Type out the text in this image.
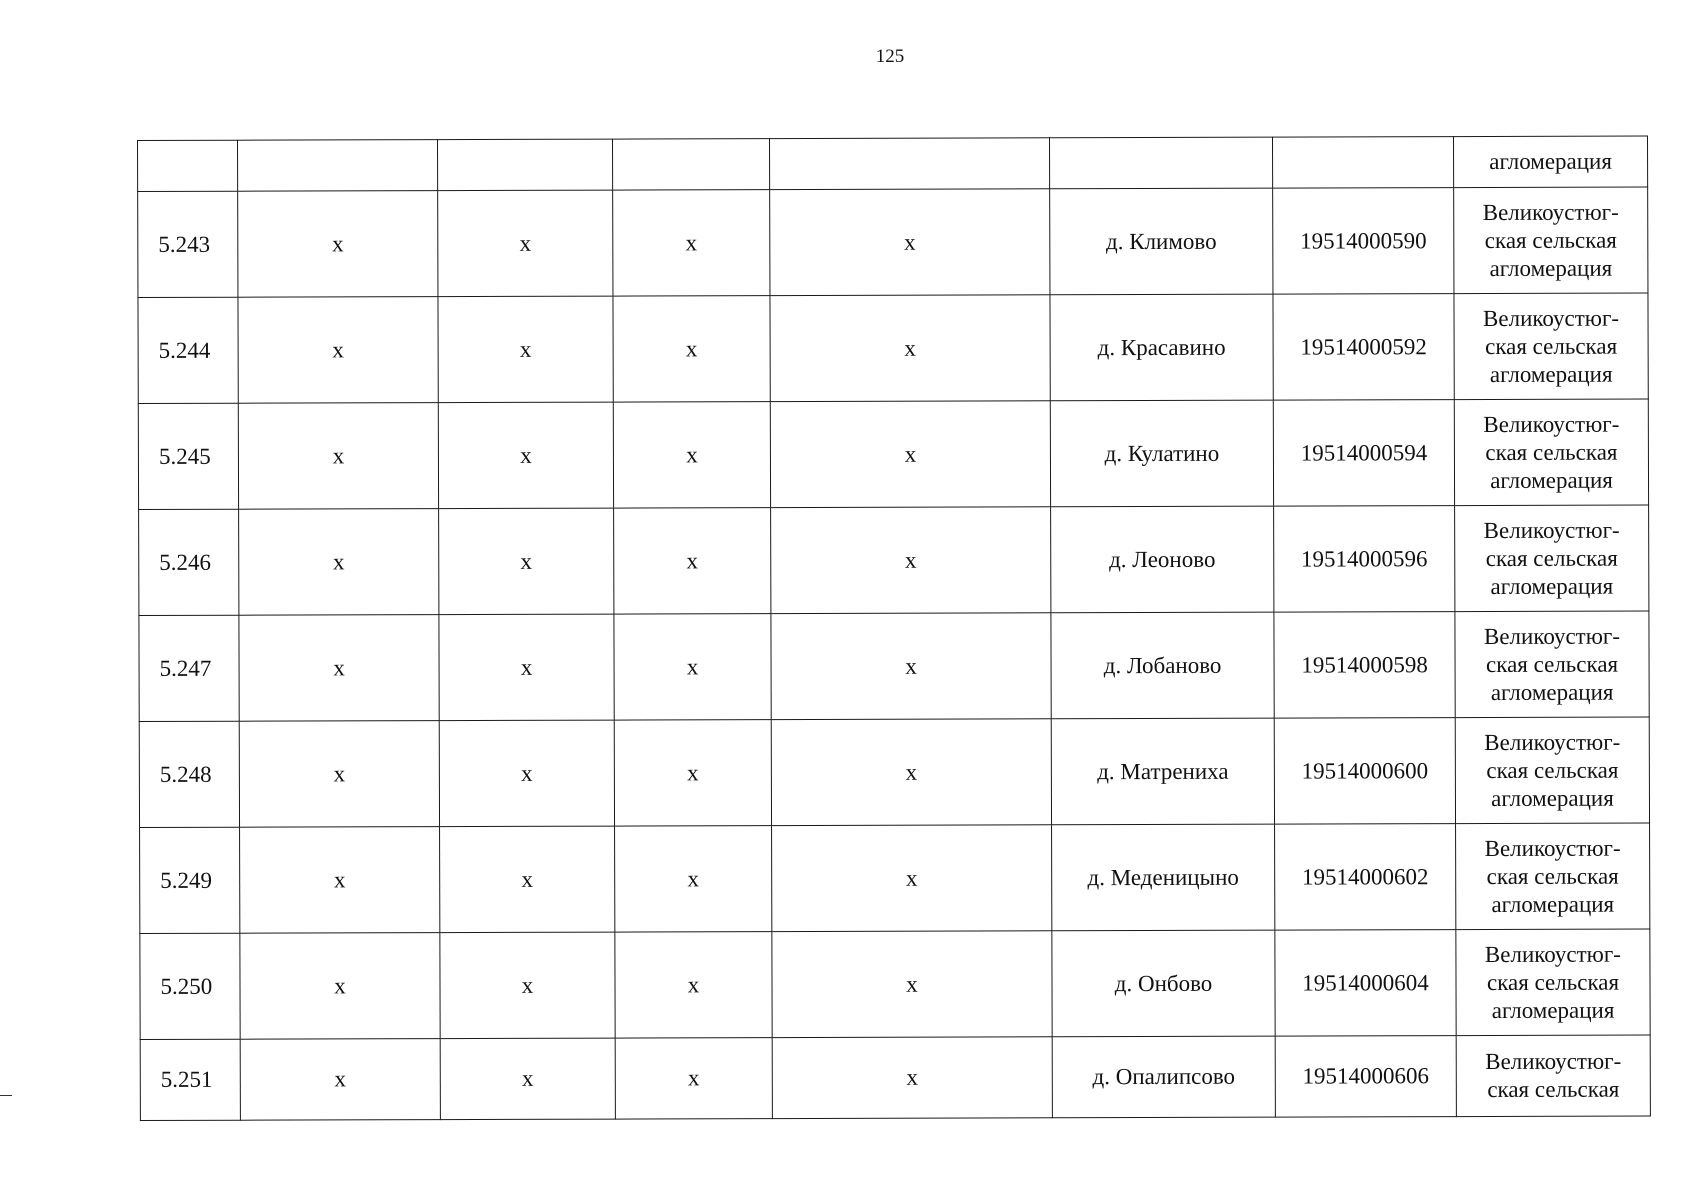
125
							агломерация
5.243	х	х	х	х	д. Климово	19514000590	Великоустюг-
ская сельская
агломерация

5.244	х	х	х	х	д. Красавино	19514000592	Великоустюг-
ская сельская
агломерация

5.245	х	х	х	х	д. Кулатино	19514000594	Великоустюг-
ская сельская
агломерация

5.246	х	х	х	х	д. Леоново	19514000596	Великоустюг-
ская сельская
агломерация

5.247	х	х	х	х	д. Лобаново	19514000598	Великоустюг-
ская сельская
агломерация

5.248	х	х	х	х	д. Матрениха	19514000600	Великоустюг-
ская сельская
агломерация

5.249	х	х	х	х	д. Меденицыно	19514000602	Великоустюг-
ская сельская
агломерация

5.250	х	х	х	х	д. Онбово	19514000604	Великоустюг-
ская сельская
агломерация

5.251	х	х	х	х	д. Опалипсово	19514000606	Великоустюг-
ская сельская
